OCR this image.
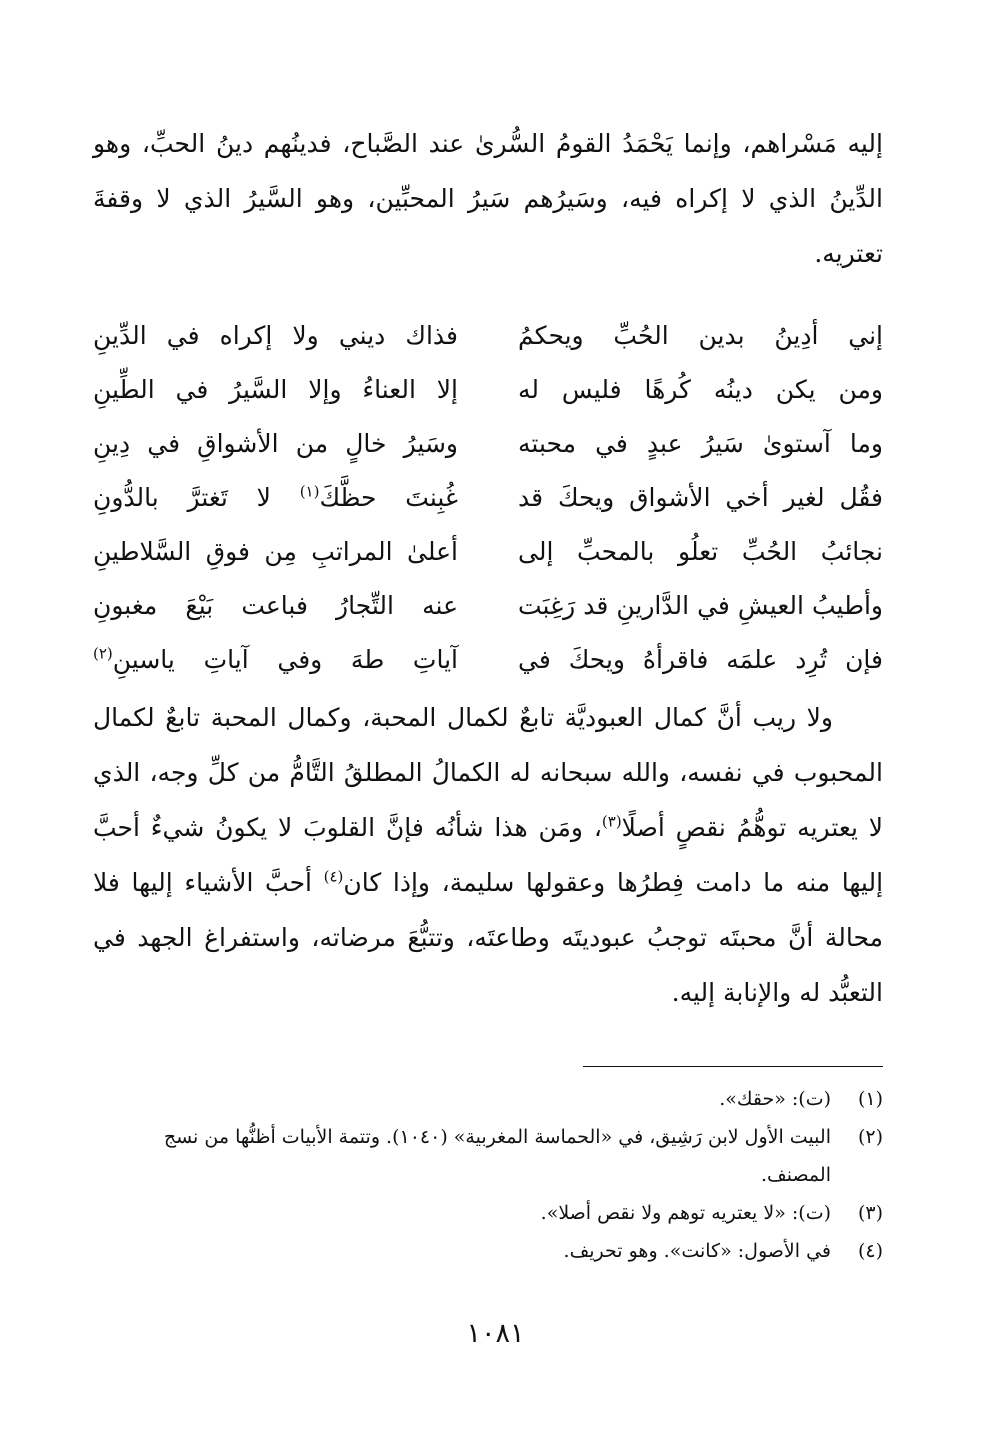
إليه مَسْراهم، وإنما يَحْمَدُ القومُ السُّرىٰ عند الصَّباح، فدينُهم دينُ الحبِّ، وهو الدِّينُ الذي لا إكراه فيه، وسَيرُهم سَيرُ المحبِّين، وهو السَّيرُ الذي لا وقفةَ تعتريه.

إني أدِينُ بدين الحُبِّ ويحكمُ
فذاك ديني ولا إكراه في الدِّينِ
ومن يكن دينُه كُرهًا فليس له
إلا العناءُ وإلا السَّيرُ في الطِّينِ
وما آستوىٰ سَيرُ عبدٍ في محبته
وسَيرُ خالٍ من الأشواقِ في دِينِ
فقُل لغير أخي الأشواق ويحكَ قد
غُبِنتَ حظَّكَ$^{(١)}$ لا تَغترَّ بالدُّونِ
نجائبُ الحُبِّ تعلُو بالمحبِّ إلى
أعلىٰ المراتبِ مِن فوقِ السَّلاطينِ
وأطيبُ العيشِ في الدَّارينِ قد رَغِبَت
عنه التِّجارُ فباعت بَيْعَ مغبونِ
فإن تُرِد علمَه فاقرأهُ ويحكَ في
آياتِ طهَ وفي آياتِ ياسينِ$^{(٢)}$

ولا ريب أنَّ كمال العبوديَّة تابعٌ لكمال المحبة، وكمال المحبة تابعٌ لكمال المحبوب في نفسه، والله سبحانه له الكمالُ المطلقُ التَّامُّ من كلِّ وجه، الذي لا يعتريه توهُّمُ نقصٍ أصلًا$^{(٣)}$، ومَن هذا شأنُه فإنَّ القلوبَ لا يكونُ شيءٌ أحبَّ إليها منه ما دامت فِطرُها وعقولها سليمة، وإذا كان$^{(٤)}$ أحبَّ الأشياء إليها فلا محالة أنَّ محبتَه توجبُ عبوديتَه وطاعتَه، وتتبُّعَ مرضاته، واستفراغ الجهد في التعبُّد له والإنابة إليه.

(١)
(ت): «حقك».
(٢)
البيت الأول لابن رَشِيق، في «الحماسة المغربية» (١٠٤٠). وتتمة الأبيات أظنُّها من نسج المصنف.
(٣)
(ت): «لا يعتريه توهم ولا نقص أصلا».
(٤)
في الأصول: «كانت». وهو تحريف.
١٠٨١
